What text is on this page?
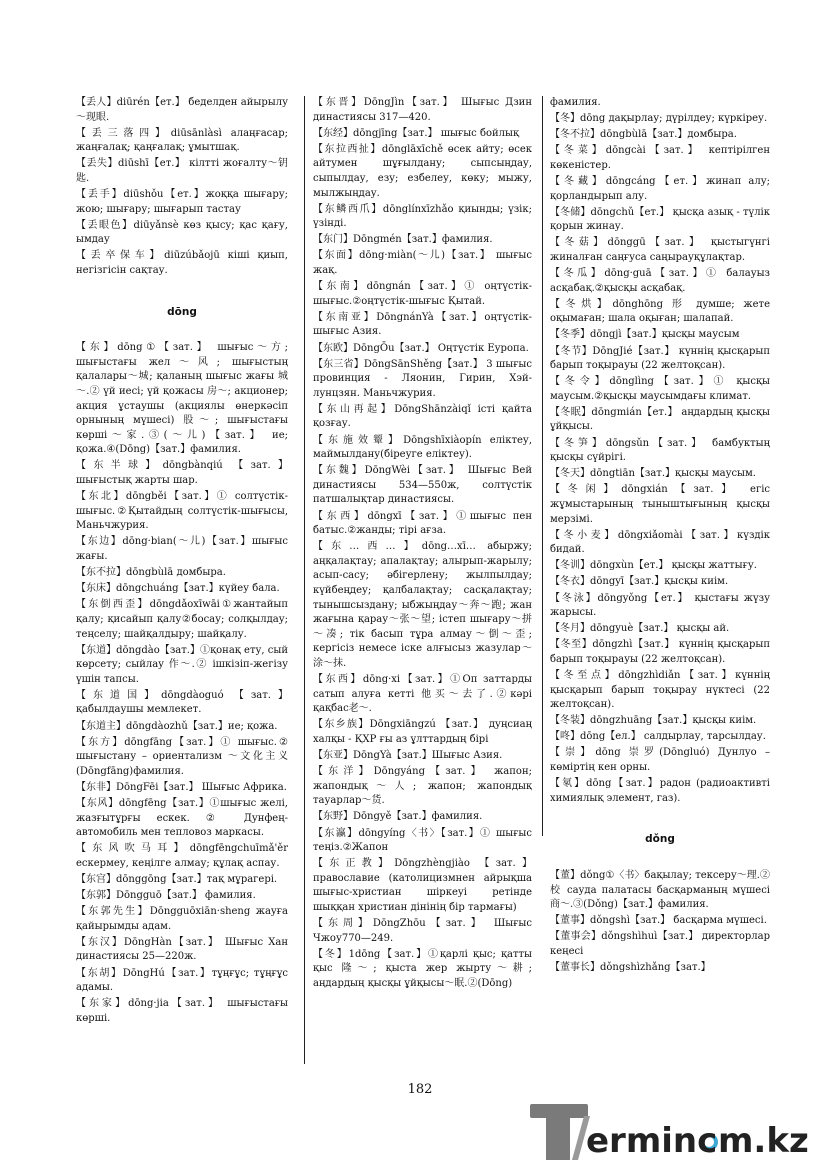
【丢人】diūrén【ет.】 беделден айырылу～现眼.

【丢三落四】diūsānlàsì алаңғасар; жаңғалақ; қаңғалақ; ұмытшақ.

【丢失】diūshī【ет.】 кілтті жоғалту～钥匙.

【丢手】diūshǒu【ет.】жоққа шығару; жою; шығару; шығарып тастау

【丢眼色】diūyǎnsè көз қысу; қас қағу, ымдау

【丢卒保车】diūzúbǎojū кіші қиып, негізгісін сақтау.

dōng

【东】dōng①【зат.】 шығыс～方; шығыстағы жел～风; шығыстың қалалары～城; қаланың шығыс жағы 城～.② үй иесі; үй қожасы 房～; акционер; акция ұстаушы (акциялы өнеркәсіп орнының мүшесі) 股～; шығыстағы көрші～家.③(～儿)【зат.】 ие; қожа.④(Dōng)【зат.】фамилия.

【东半球】dōngbànqiú 【зат.】 шығыстық жарты шар.

【东北】dōngběi【зат.】① солтүстік-шығыс.②Қытайдың солтүстік-шығысы, Маньчжурия.

【东边】dōng·bian(～儿)【зат.】шығыс жағы.

【东不拉】dōngbùlā домбыра.

【东床】dōngchuáng【зат.】күйеу бала.

【东倒西歪】dōngdǎoxīwāi①жантайып қалу; қисайып қалу②босау; солқылдау; теңселу; шайқалдыру; шайқалу.

【东道】dōngdào【зат.】①қонақ ету, сый көрсету; сыйлау 作～.② ішкізіп-жегізу үшін тапсы.

【东道国】dōngdàoguó 【зат.】 қабылдаушы мемлекет.

【东道主】dōngdàozhǔ【зат.】ие; қожа.

【东方】dōngfāng【зат.】① шығыс.② шығыстану – ориентализм ～文化主义(Dōngfāng)фамилия.

【东非】DōngFēi【зат.】 Шығыс Африка.

【东风】dōngfēng【зат.】①шығыс желі, жазғытұрғы ескек. ② Дунфең-автомобиль мен тепловоз маркасы.

【东风吹马耳】dōngfēngchuīmǎ'ěr ескермеу, кеңілге алмау; құлақ аспау.

【东宫】dōnggōng【зат.】тақ мұрагері.

【东郭】Dōngguō【зат.】 фамилия.

【东郭先生】Dōngguōxiān·sheng жауға қайырымды адам.

【东汉】DōngHàn【зат.】 Шығыс Хан династиясы 25—220ж.

【东胡】DōngHú【зат.】тұңғұс; тұңғұс адамы.

【东家】dōng·jia【зат.】 шығыстағы көрші.

【东晋】DōngJìn【зат.】 Шығыс Дзин династиясы 317—420.

【东经】dōngjīng【зат.】 шығыс бойлық

【东拉西扯】dōnglāxīchě өсек айту; өсек айтумен шұғылдану; сыпсыңдау, сыпылдау, езу; езбелеу, көку; мыжу, мылжыңдау.

【东鳞西爪】dōnglínxīzhǎo қиынды; үзік; үзінді.

【东门】Dōngmén【зат.】фамилия.

【东面】dōng·miàn(～儿)【зат.】 шығыс жақ.

【东南】dōngnán【зат.】① оңтүстік-шығыс.②оңтүстік-шығыс Қытай.

【东南亚】DōngnánYà【зат.】оңтүстік-шығыс Азия.

【东欧】DōngŌu【зат.】 Оңтүстік Еуропа.

【东三省】DōngSānShěng【зат.】 3 шығыс провинция - Ляонин, Гирин, Хэй-лунцзян. Маньчжурия.

【东山再起】DōngShānzàiqǐ істі қайта қозғау.

【东施效颦】Dōngshīxiàopín еліктеу, маймылдану(біреуге еліктеу).

【东魏】DōngWèi【зат.】 Шығыс Вей династиясы 534—550ж, солтүстік патшалықтар династиясы.

【东西】dōngxī【зат.】①шығыс пен батыс.②жанды; тірі ағза.

【东…西…】dōng…xī… абыржу; аңқалақтау; апалақтау; алырып-жарылу; асып-сасу; әбігерлену; жылпылдау; күйбеңдеу; қалбалақтау; сасқалақтау; тынышсыздану; ыбжыңдау～奔～跑; жан жағына қарау～张～望; істеп шығару～拼～凑; тік басып тұра алмау～倒～歪; кергісіз немесе іске алғысыз жазулар～涂～抹.

【东西】dōng·xi【зат.】①Оп заттарды сатып алуға кетті 他买～去了.②кәрі қақбас老～.

【东乡族】Dōngxiāngzú 【зат.】 дуңсиаң халқы - ҚХР ғы аз ұлттардың бірі

【东亚】DōngYà【зат.】Шығыс Азия.

【东洋】Dōngyáng【зат.】 жапон; жапондық～人; жапон; жапондық тауарлар～货.

【东野】Dōngyě【зат.】фамилия.

【东瀛】dōngyíng〈书〉【зат.】① шығыс теңіз.②Жапон

【东正教】Dōngzhèngjiào 【зат.】 православие (католицизмнен айрықша шығыс-христиан шіркеуі ретінде шыққан христиан дінінің бір тармағы)

【东周】DōngZhōu【зат.】 Шығыс Чжоу770—249.

【冬】1dōng【зат.】①қарлі қыс; қатты қыс 隆～; қыста жер жырту～耕; аңдардың қысқы ұйқысы～眠.②(Dōng)

фамилия.

【冬】dōng дақырлау; дүрілдеу; күркіреу.

【冬不拉】dōngbùlā【зат.】домбыра.

【冬菜】dōngcài【зат.】 кептірілген көкеністер.

【冬藏】dōngcáng【ет.】жинап алу; қорландырып алу.

【冬储】dōngchǔ【ет.】 қысқа азық - түлік қорын жинау.

【冬菇】dōnggū【зат.】 қыстыгүнгі жиналған саңғуса саңырауқұлақтар.

【冬瓜】dōng·guā【зат.】① балауыз асқабақ.②қысқы асқабақ.

【冬烘】dōnghōng 形 думше; жете оқымаған; шала оқыған; шалапай.

【冬季】dōngjì【зат.】қысқы маусым

【冬节】DōngJié【зат.】 күннің қысқарып барып тоқырауы (22 желтоқсан).

【冬令】dōnglìng【зат.】① қысқы маусым.②қысқы маусымдағы климат.

【冬眠】dōngmián【ет.】 аңдардың қысқы ұйқысы.

【冬笋】dōngsǔn【зат.】 бамбуктың қысқы сүйрігі.

【冬天】dōngtiān【зат.】қысқы маусым.

【冬闲】dōngxián【зат.】 егіс жұмыстарының тыныштығының қысқы мерзімі.

【冬小麦】dōngxiǎomài【зат.】күздік бидай.

【冬训】dōngxùn【ет.】 қысқы жаттығу.

【冬衣】dōngyī【зат.】қысқы киім.

【冬泳】dōngyǒng【ет.】 қыстағы жүзу жарысы.

【冬月】dōngyuè【зат.】 қысқы ай.

【冬至】dōngzhì【зат.】 күннің қысқарып барып тоқырауы (22 желтоқсан).

【冬至点】dōngzhìdiǎn【зат.】күннің қысқарып барып тоқырау нүктесі (22 желтоқсан).

【冬装】dōngzhuāng【зат.】қысқы киім.

【咚】dōng【ел.】 салдырлау, тарсылдау.

【崇】dōng 崇罗(Dōngluó) Дунлуо – көміртің кен орны.

【氡】dōng【зат.】радон (радиоактивті химиялық элемент, газ).

dǒng

【董】dǒng①〈书〉бақылау; тексеру～理.②校 сауда палатасы басқарманың мүшесі商～.③(Dǒng)【зат.】фамилия.

【董事】dǒngshì【зат.】 басқарма мүшесі.

【董事会】dǒngshìhuì【зат.】 директорлар кеңесі

【董事长】dǒngshìzhǎng【зат.】

182
erminc m.kz
Termincom.kz
